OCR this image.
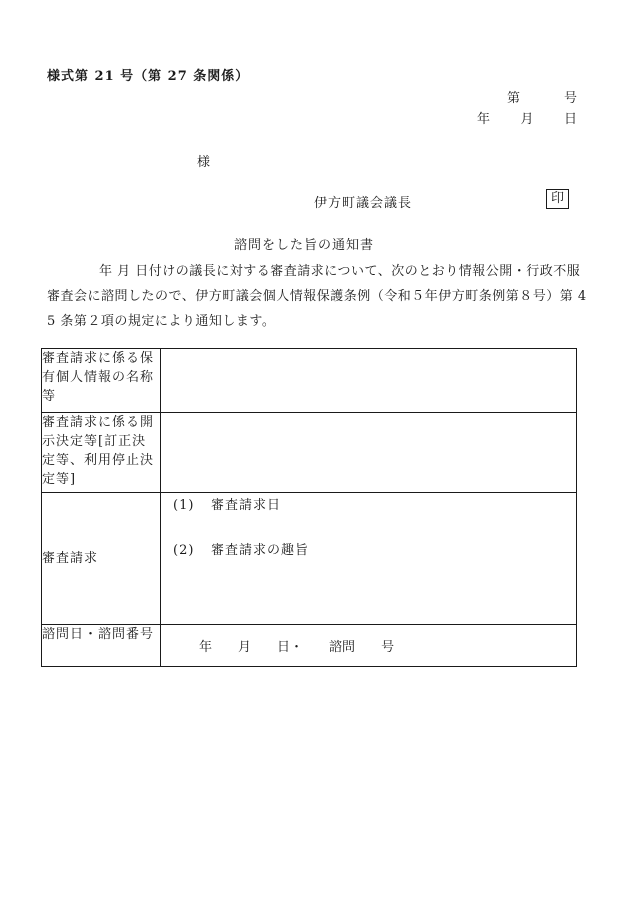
様式第 21 号（第 27 条関係）
第	号
年 月 日
様
伊方町議会議長	印
諮問をした旨の通知書
年 月 日付けの議長に対する審査請求について、次のとおり情報公開・行政不服審査会に諮問したので、伊方町議会個人情報保護条例（令和５年伊方町条例第８号）第 45 条第２項の規定により通知します。
審査請求に係る保有個人情報の名称等	
審査請求に係る開示決定等[訂正決定等、利用停止決定等]	
審査請求	(1) 審査請求日
(2) 審査請求の趣旨

諮問日・諮問番号	年 月 日・ 諮問 号
